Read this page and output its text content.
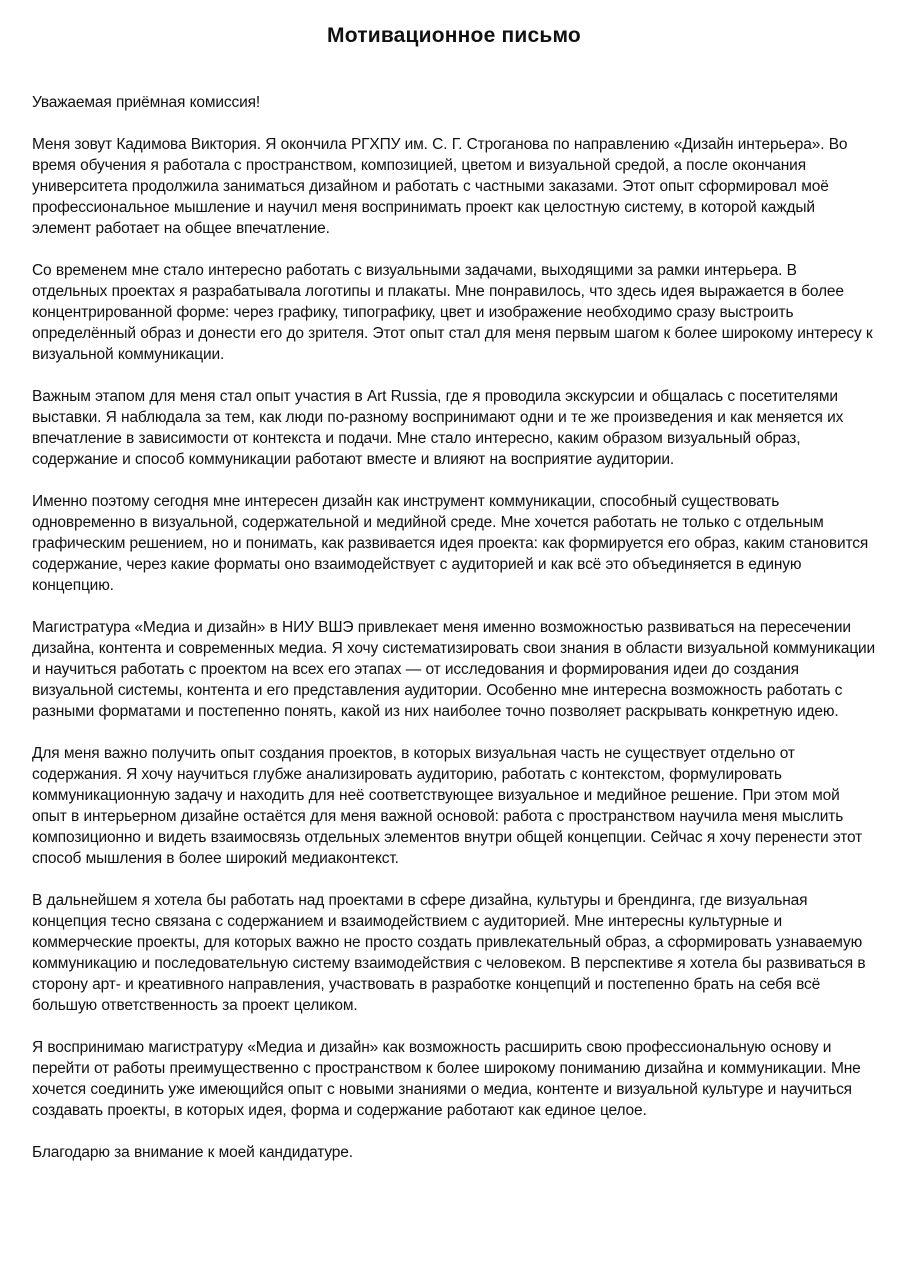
Мотивационное письмо

Уважаемая приёмная комиссия!

Меня зовут Кадимова Виктория. Я окончила РГХПУ им. С. Г. Строганова по направлению «Дизайн интерьера». Во время обучения я работала с пространством, композицией, цветом и визуальной средой, а после окончания университета продолжила заниматься дизайном и работать с частными заказами. Этот опыт сформировал моё профессиональное мышление и научил меня воспринимать проект как целостную систему, в которой каждый элемент работает на общее впечатление.

Со временем мне стало интересно работать с визуальными задачами, выходящими за рамки интерьера. В отдельных проектах я разрабатывала логотипы и плакаты. Мне понравилось, что здесь идея выражается в более концентрированной форме: через графику, типографику, цвет и изображение необходимо сразу выстроить определённый образ и донести его до зрителя. Этот опыт стал для меня первым шагом к более широкому интересу к визуальной коммуникации.

Важным этапом для меня стал опыт участия в Art Russia, где я проводила экскурсии и общалась с посетителями выставки. Я наблюдала за тем, как люди по-разному воспринимают одни и те же произведения и как меняется их впечатление в зависимости от контекста и подачи. Мне стало интересно, каким образом визуальный образ, содержание и способ коммуникации работают вместе и влияют на восприятие аудитории.

Именно поэтому сегодня мне интересен дизайн как инструмент коммуникации, способный существовать одновременно в визуальной, содержательной и медийной среде. Мне хочется работать не только с отдельным графическим решением, но и понимать, как развивается идея проекта: как формируется его образ, каким становится содержание, через какие форматы оно взаимодействует с аудиторией и как всё это объединяется в единую концепцию.

Магистратура «Медиа и дизайн» в НИУ ВШЭ привлекает меня именно возможностью развиваться на пересечении дизайна, контента и современных медиа. Я хочу систематизировать свои знания в области визуальной коммуникации и научиться работать с проектом на всех его этапах — от исследования и формирования идеи до создания визуальной системы, контента и его представления аудитории. Особенно мне интересна возможность работать с разными форматами и постепенно понять, какой из них наиболее точно позволяет раскрывать конкретную идею.

Для меня важно получить опыт создания проектов, в которых визуальная часть не существует отдельно от содержания. Я хочу научиться глубже анализировать аудиторию, работать с контекстом, формулировать коммуникационную задачу и находить для неё соответствующее визуальное и медийное решение. При этом мой опыт в интерьерном дизайне остаётся для меня важной основой: работа с пространством научила меня мыслить композиционно и видеть взаимосвязь отдельных элементов внутри общей концепции. Сейчас я хочу перенести этот способ мышления в более широкий медиаконтекст.

В дальнейшем я хотела бы работать над проектами в сфере дизайна, культуры и брендинга, где визуальная концепция тесно связана с содержанием и взаимодействием с аудиторией. Мне интересны культурные и коммерческие проекты, для которых важно не просто создать привлекательный образ, а сформировать узнаваемую коммуникацию и последовательную систему взаимодействия с человеком. В перспективе я хотела бы развиваться в сторону арт- и креативного направления, участвовать в разработке концепций и постепенно брать на себя всё большую ответственность за проект целиком.

Я воспринимаю магистратуру «Медиа и дизайн» как возможность расширить свою профессиональную основу и перейти от работы преимущественно с пространством к более широкому пониманию дизайна и коммуникации. Мне хочется соединить уже имеющийся опыт с новыми знаниями о медиа, контенте и визуальной культуре и научиться создавать проекты, в которых идея, форма и содержание работают как единое целое.

Благодарю за внимание к моей кандидатуре.
